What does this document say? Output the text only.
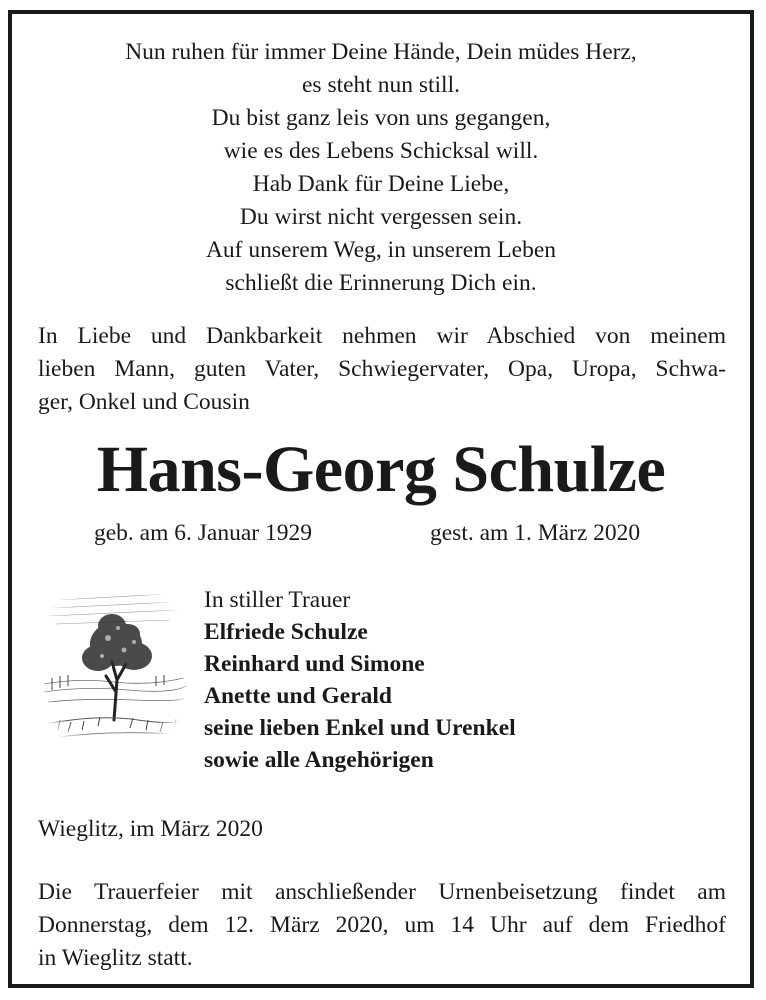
Nun ruhen für immer Deine Hände, Dein müdes Herz,
es steht nun still.
Du bist ganz leis von uns gegangen,
wie es des Lebens Schicksal will.
Hab Dank für Deine Liebe,
Du wirst nicht vergessen sein.
Auf unserem Weg, in unserem Leben
schließt die Erinnerung Dich ein.
In Liebe und Dankbarkeit nehmen wir Abschied von meinem
lieben Mann, guten Vater, Schwiegervater, Opa, Uropa, Schwa-
ger, Onkel und Cousin
Hans-Georg Schulze
geb. am 6. Januar 1929	gest. am 1. März 2020
In stiller Trauer
Elfriede Schulze
Reinhard und Simone
Anette und Gerald
seine lieben Enkel und Urenkel
sowie alle Angehörigen
Wieglitz, im März 2020
Die Trauerfeier mit anschließender Urnenbeisetzung findet am
Donnerstag, dem 12. März 2020, um 14 Uhr auf dem Friedhof
in Wieglitz statt.
